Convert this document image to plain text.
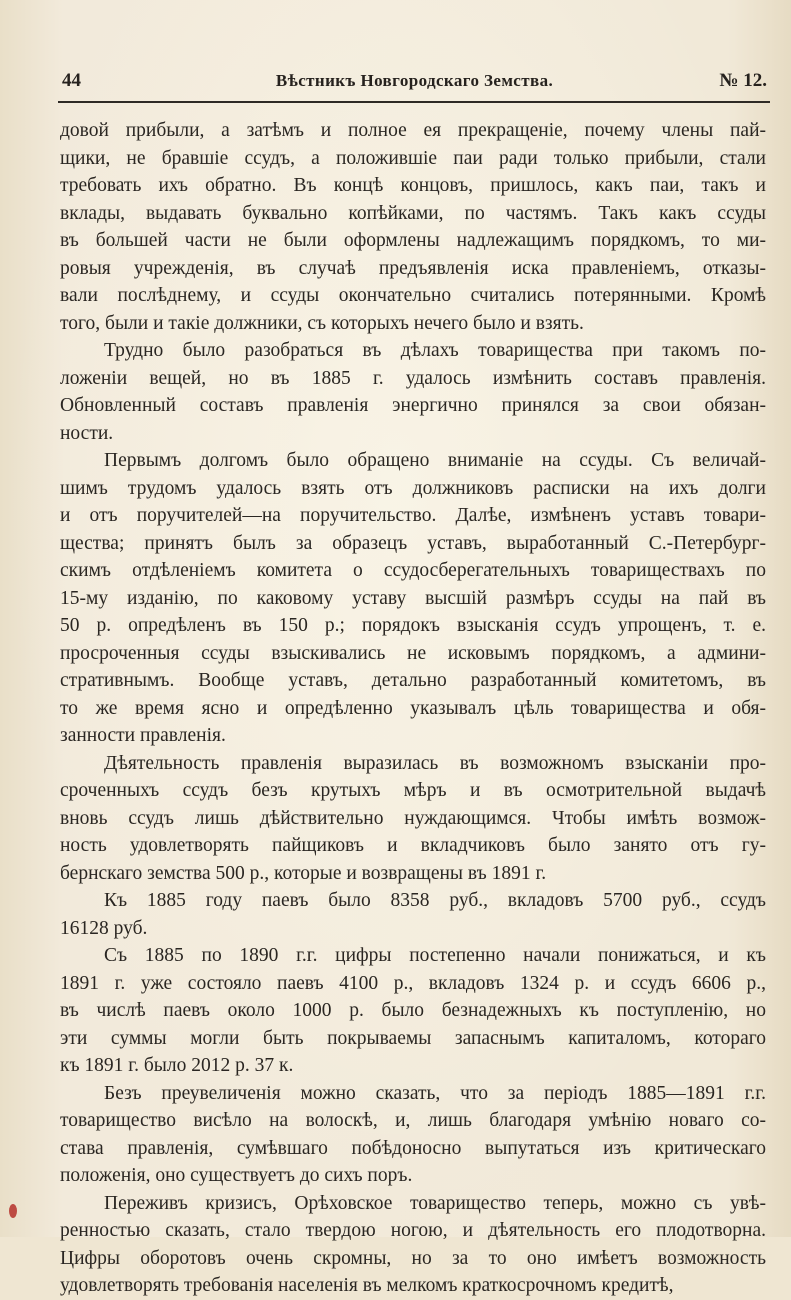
44	Вѣстникъ Новгородскаго Земства.	№ 12.
довой прибыли, а затѣмъ и полное ея прекращенiе, почему члены пай-
щики, не бравшiе ссудъ, а положившiе паи ради только прибыли, стали
требовать ихъ обратно. Въ концѣ концовъ, пришлось, какъ паи, такъ и
вклады, выдавать буквально копѣйками, по частямъ. Такъ какъ ссуды
въ большей части не были оформлены надлежащимъ порядкомъ, то ми-
ровыя учрежденiя, въ случаѣ предъявленiя иска правленiемъ, отказы-
вали послѣднему, и ссуды окончательно считались потерянными. Кромѣ
того, были и такiе должники, съ которыхъ нечего было и взять.
Трудно было разобраться въ дѣлахъ товарищества при такомъ по-
ложенiи вещей, но въ 1885 г. удалось измѣнить составъ правленiя.
Обновленный составъ правленiя энергично принялся за свои обязан-
ности.
Первымъ долгомъ было обращено вниманiе на ссуды. Съ величай-
шимъ трудомъ удалось взять отъ должниковъ расписки на ихъ долги
и отъ поручителей—на поручительство. Далѣе, измѣненъ уставъ товари-
щества; принятъ былъ за образецъ уставъ, выработанный С.-Петербург-
скимъ отдѣленiемъ комитета о ссудосберегательныхъ товариществахъ по
15-му изданiю, по каковому уставу высшiй размѣръ ссуды на пай въ
50 р. опредѣленъ въ 150 р.; порядокъ взысканiя ссудъ упрощенъ, т. е.
просроченныя ссуды взыскивались не исковымъ порядкомъ, а админи-
стративнымъ. Вообще уставъ, детально разработанный комитетомъ, въ
то же время ясно и опредѣленно указывалъ цѣль товарищества и обя-
занности правленiя.
Дѣятельность правленiя выразилась въ возможномъ взысканiи про-
сроченныхъ ссудъ безъ крутыхъ мѣръ и въ осмотрительной выдачѣ
вновь ссудъ лишь дѣйствительно нуждающимся. Чтобы имѣть возмож-
ность удовлетворять пайщиковъ и вкладчиковъ было занято отъ гу-
бернскаго земства 500 р., которые и возвращены въ 1891 г.
Къ 1885 году паевъ было 8358 руб., вкладовъ 5700 руб., ссудъ
16128 руб.
Съ 1885 по 1890 г.г. цифры постепенно начали понижаться, и къ
1891 г. уже состояло паевъ 4100 р., вкладовъ 1324 р. и ссудъ 6606 р.,
въ числѣ паевъ около 1000 р. было безнадежныхъ къ поступленiю, но
эти суммы могли быть покрываемы запаснымъ капиталомъ, котораго
къ 1891 г. было 2012 р. 37 к.
Безъ преувеличенiя можно сказать, что за перiодъ 1885—1891 г.г.
товарищество висѣло на волоскѣ, и, лишь благодаря умѣнiю новаго со-
става правленiя, сумѣвшаго побѣдоносно выпутаться изъ критическаго
положенiя, оно существуетъ до сихъ поръ.
Переживъ кризисъ, Орѣховское товарищество теперь, можно съ увѣ-
ренностью сказать, стало твердою ногою, и дѣятельность его плодотворна.
Цифры оборотовъ очень скромны, но за то оно имѣетъ возможность
удовлетворять требованiя населенiя въ мелкомъ краткосрочномъ кредитѣ,
